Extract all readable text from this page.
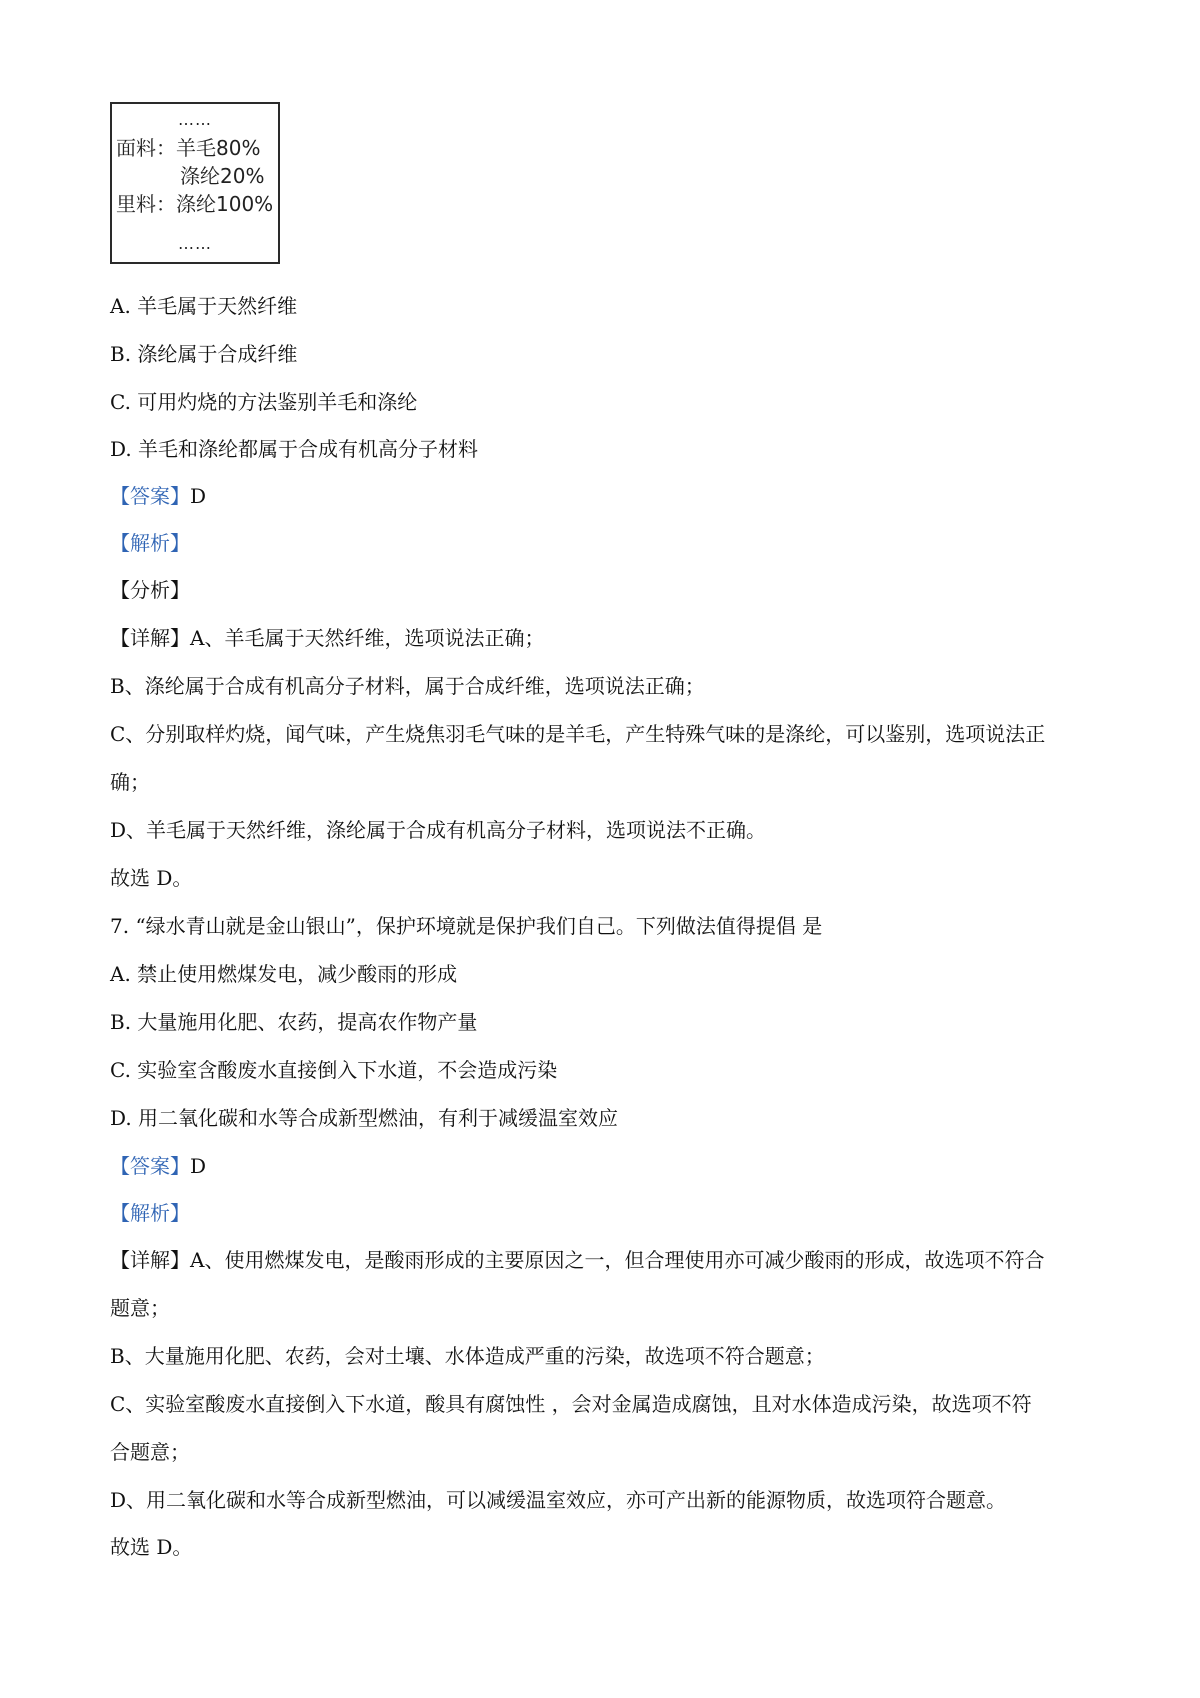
……
面料：羊毛80%
涤纶20%
里料：涤纶100%
……
A. 羊毛属于天然纤维
B. 涤纶属于合成纤维
C. 可用灼烧的方法鉴别羊毛和涤纶
D. 羊毛和涤纶都属于合成有机高分子材料
【答案】D
【解析】
【分析】
【详解】A、羊毛属于天然纤维，选项说法正确；
B、涤纶属于合成有机高分子材料，属于合成纤维，选项说法正确；
C、分别取样灼烧，闻气味，产生烧焦羽毛气味的是羊毛，产生特殊气味的是涤纶，可以鉴别，选项说法正
确；
D、羊毛属于天然纤维，涤纶属于合成有机高分子材料，选项说法不正确。
故选 D。
7. “绿水青山就是金山银山”，保护环境就是保护我们自己。下列做法值得提倡 是
A. 禁止使用燃煤发电，减少酸雨的形成
B. 大量施用化肥、农药，提高农作物产量
C. 实验室含酸废水直接倒入下水道，不会造成污染
D. 用二氧化碳和水等合成新型燃油，有利于减缓温室效应
【答案】D
【解析】
【详解】A、使用燃煤发电，是酸雨形成的主要原因之一，但合理使用亦可减少酸雨的形成，故选项不符合
题意；
B、大量施用化肥、农药，会对土壤、水体造成严重的污染，故选项不符合题意；
C、实验室酸废水直接倒入下水道，酸具有腐蚀性 ，会对金属造成腐蚀，且对水体造成污染，故选项不符
合题意；
D、用二氧化碳和水等合成新型燃油，可以减缓温室效应，亦可产出新的能源物质，故选项符合题意。
故选 D。
